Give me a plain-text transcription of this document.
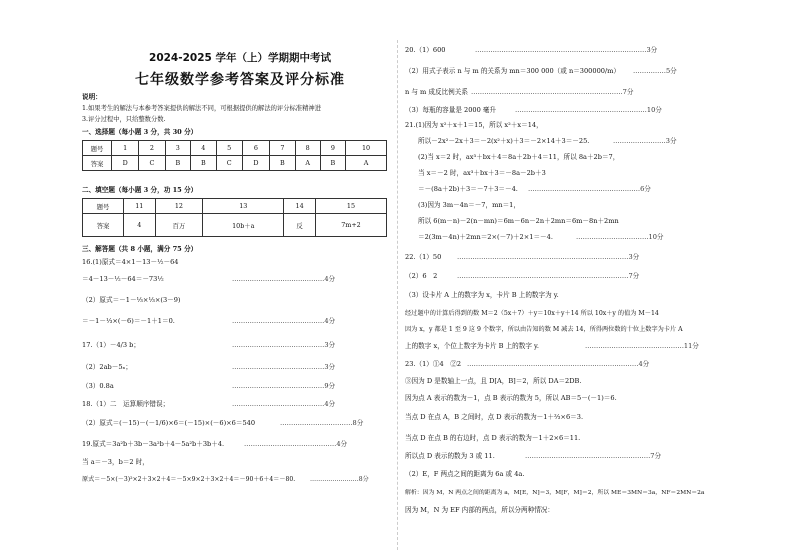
2024-2025 学年（上）学期期中考试
七年级数学参考答案及评分标准
说明：
1.如果考生的解法与本参考答案提供的解法不同，可根据提供的解法的评分标准精神进
3.评分过程中，只给整数分数.
一、选择题（每小题 3 分，共 30 分）
题号	1	2	3	4	5	6	7	8	9	10
答案	D	C	B	B	C	D	B	A	B	A
二、填空题（每小题 3 分，功 15 分）
题号	11	12	13	14	15
答案	4	百万	10b＋a	反	7m+2
三、解答题（共 8 小题，满分 75 分）
16.(1)原式＝4×1－13－½－64
＝4－13－½－64＝－73½	……………………………………4分
（2）原式＝－1－⅓×⅓×(3－9)
＝－1－⅓×(－6)＝－1＋1＝0.	……………………………………4分
17.（1）－4/3 b；	……………………………………3分
（2）2ab－5ₓ；	……………………………………3分
（3）0.8a	……………………………………9分
18.（1）二　运算顺序错误；	……………………………………4分
（2）原式＝(－15)－(－1/6)×6＝(－15)×(－6)×6＝540	……………………………8分
19.原式＝3a²b＋3b－3a²b＋4－5a²b＋3b＋4.	……………………………………4分
当 a＝－3，b＝2 时，
原式＝－5×(－3)²×2＋3×2＋4＝－5×9×2＋3×2＋4＝－90＋6＋4＝－80. ……………………8分
20.（1）600	……………………………………………………………………3分
（2）用式子表示 n 与 m 的关系为 mn＝300 000（或 n＝300000/m） ……………5分
n 与 m 成反比例关系 ……………………………………………………………7分
（3）每瓶的容量是 2000 毫升	……………………………………………………10分
21.(1)因为 x²＋x＋1＝15，所以 x²＋x＝14，
所以－2x²－2x＋3＝－2(x²＋x)＋3＝－2×14＋3＝－25.	……………………3分
(2)当 x＝2 时，ax³＋bx＋4＝8a＋2b＋4＝11，所以 8a＋2b＝7，
当 x＝－2 时，ax³＋bx＋3＝－8a－2b＋3
＝－(8a＋2b)＋3＝－7＋3＝－4. ……………………………………………6分
(3)因为 3m－4n＝－7，mn＝1，
所以 6(m－n)－2(n－mn)＝6m－6n－2n＋2mn＝6m－8n＋2mn
＝2(3m－4n)＋2mn＝2×(－7)＋2×1＝－4.	……………………………10分
22.（1）50 ……………………………………………………………………3分
（2）6　2	……………………………………………………………………7分
（3）设卡片 A 上的数字为 x，卡片 B 上的数字为 y.
经过题中的计算后得到的数 M＝2（5x＋7）＋y＝10x＋y＋14 所以 10x＋y 的值为 M－14
因为 x，y 都是 1 至 9 这 9 个数字，所以由告知的数 M 减去 14，所得两位数的十位上数字为卡片 A
上的数字 x，个位上数字为卡片 B 上的数字 y.	………………………………………11分
23.（1）①4　②2 ……………………………………………………………………4分
③因为 D 是数轴上一点，且 D[A，B]＝2，所以 DA＝2DB.
因为点 A 表示的数为－1，点 B 表示的数为 5，所以 AB＝5－(－1)＝6.
当点 D 在点 A，B 之间时，点 D 表示的数为－1＋⅔×6＝3.
当点 D 在点 B 的右边时，点 D 表示的数为－1＋2×6＝11.
所以点 D 表示的数为 3 或 11.	…………………………………………………7分
（2）E，F 两点之间的距离为 6a 或 4a.
解析：因为 M，N 两点之间的距离为 a，M[E，N]＝3，M[F，M]＝2，所以 ME＝3MN＝3a，NF＝2MN＝2a
因为 M，N 为 EF 内部的两点，所以分两种情况：
